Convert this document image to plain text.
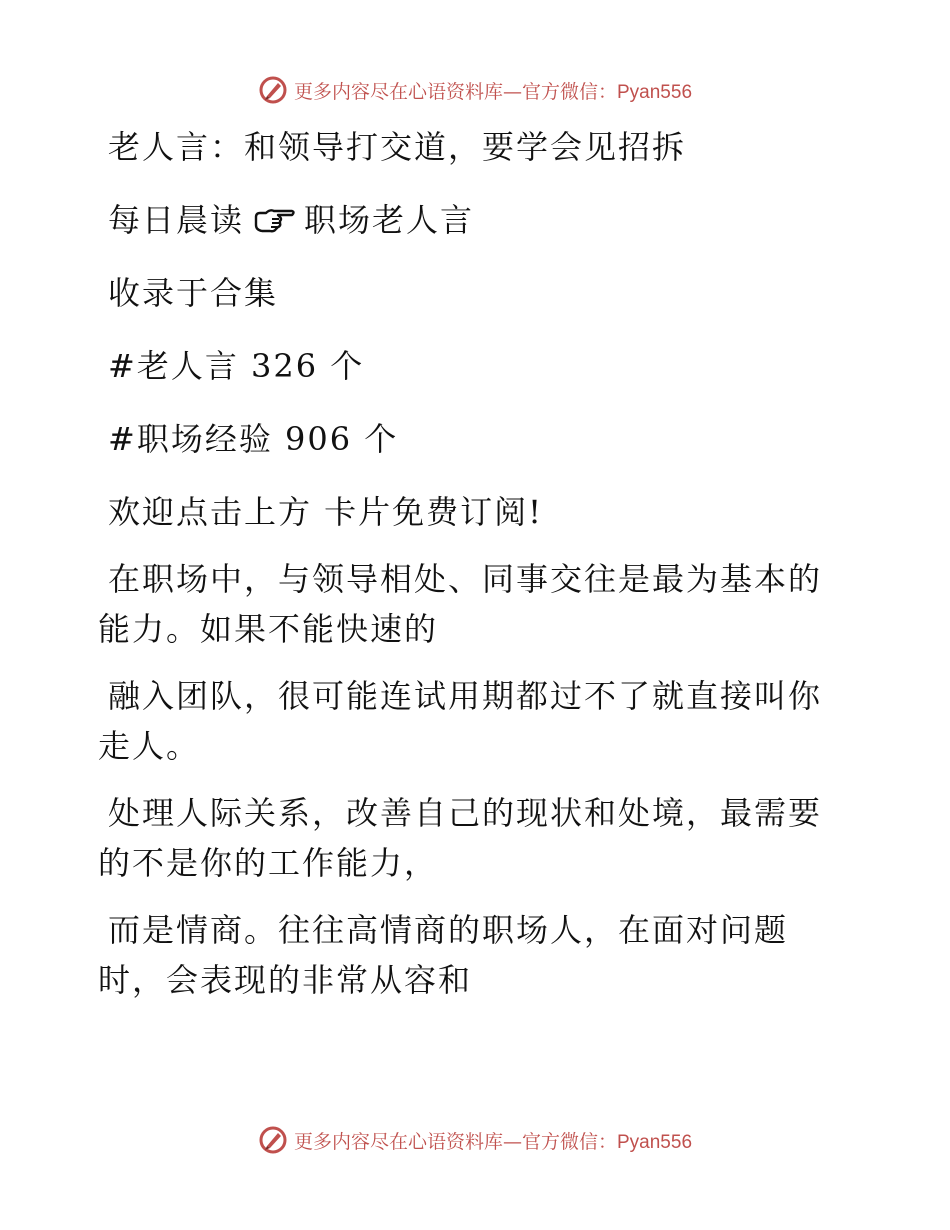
更多内容尽在心语资料库—官方微信：Pyan556
老人言：和领导打交道，要学会见招拆
每日晨读 职场老人言
收录于合集
#老人言 326 个
#职场经验 906 个
欢迎点击上方 卡片免费订阅!
在职场中，与领导相处、同事交往是最为基本的
能力。如果不能快速的
融入团队，很可能连试用期都过不了就直接叫你
走人。
处理人际关系，改善自己的现状和处境，最需要
的不是你的工作能力，
而是情商。往往高情商的职场人，在面对问题
时，会表现的非常从容和
更多内容尽在心语资料库—官方微信：Pyan556
